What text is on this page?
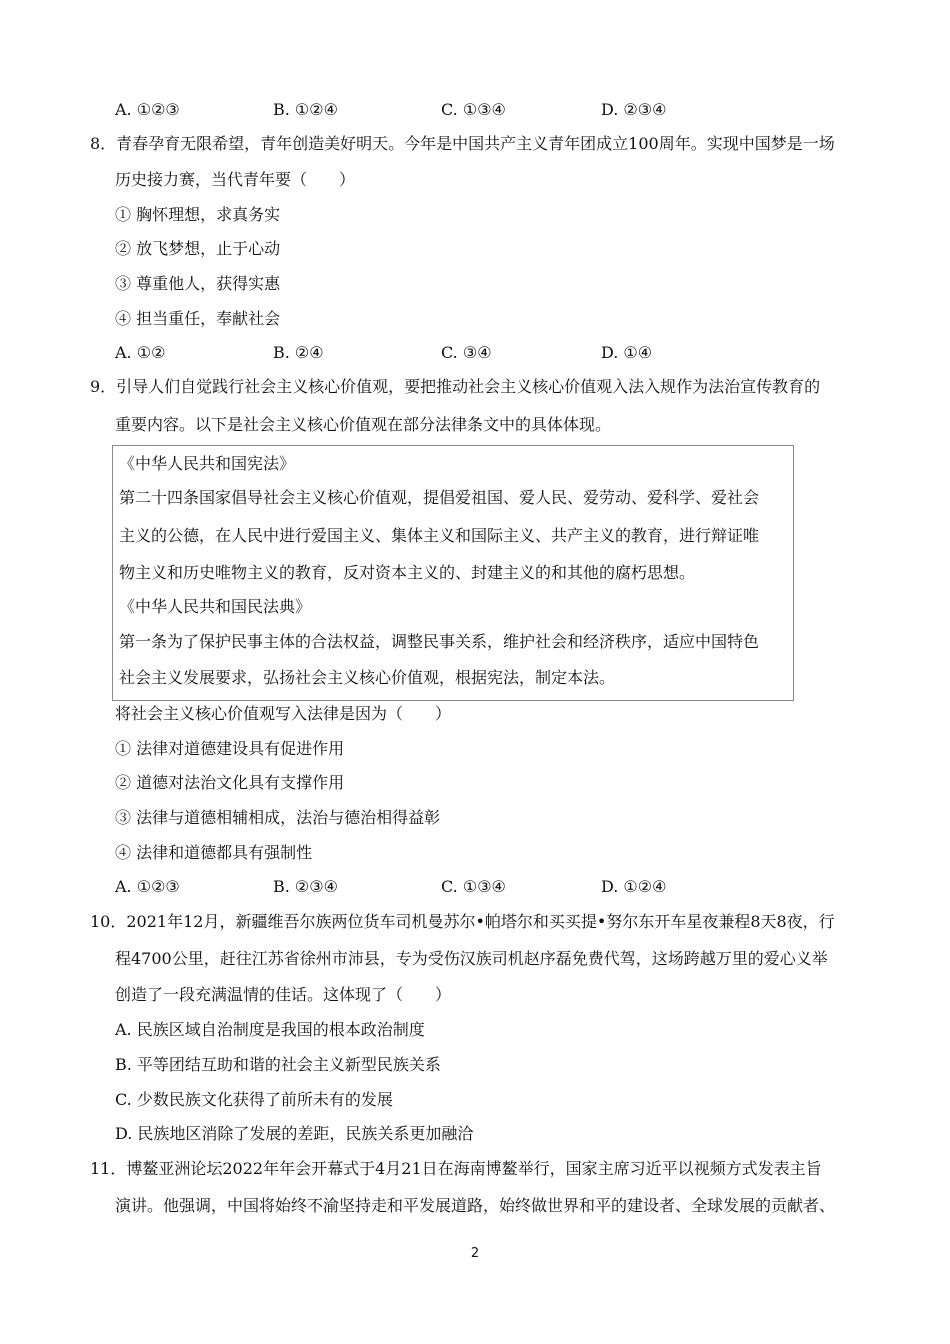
A. ①②③	B. ①②④	C. ①③④	D. ②③④
8．青春孕育无限希望，青年创造美好明天。今年是中国共产主义青年团成立100周年。实现中国梦是一场
历史接力赛，当代青年要（　　）
① 胸怀理想，求真务实
② 放飞梦想，止于心动
③ 尊重他人，获得实惠
④ 担当重任，奉献社会
A. ①②	B. ②④	C. ③④	D. ①④
9．引导人们自觉践行社会主义核心价值观，要把推动社会主义核心价值观入法入规作为法治宣传教育的
重要内容。以下是社会主义核心价值观在部分法律条文中的具体体现。
《中华人民共和国宪法》
第二十四条国家倡导社会主义核心价值观，提倡爱祖国、爱人民、爱劳动、爱科学、爱社会
主义的公德，在人民中进行爱国主义、集体主义和国际主义、共产主义的教育，进行辩证唯
物主义和历史唯物主义的教育，反对资本主义的、封建主义的和其他的腐朽思想。
《中华人民共和国民法典》
第一条为了保护民事主体的合法权益，调整民事关系，维护社会和经济秩序，适应中国特色
社会主义发展要求，弘扬社会主义核心价值观，根据宪法，制定本法。
将社会主义核心价值观写入法律是因为（　　）
① 法律对道德建设具有促进作用
② 道德对法治文化具有支撑作用
③ 法律与道德相辅相成，法治与德治相得益彰
④ 法律和道德都具有强制性
A. ①②③	B. ②③④	C. ①③④	D. ①②④
10．2021年12月，新疆维吾尔族两位货车司机曼苏尔•帕塔尔和买买提•努尔东开车星夜兼程8天8夜，行
程4700公里，赶往江苏省徐州市沛县，专为受伤汉族司机赵序磊免费代驾，这场跨越万里的爱心义举
创造了一段充满温情的佳话。这体现了（　　）
A. 民族区域自治制度是我国的根本政治制度
B. 平等团结互助和谐的社会主义新型民族关系
C. 少数民族文化获得了前所未有的发展
D. 民族地区消除了发展的差距，民族关系更加融洽
11．博鳌亚洲论坛2022年年会开幕式于4月21日在海南博鳌举行，国家主席习近平以视频方式发表主旨
演讲。他强调，中国将始终不渝坚持走和平发展道路，始终做世界和平的建设者、全球发展的贡献者、
2
